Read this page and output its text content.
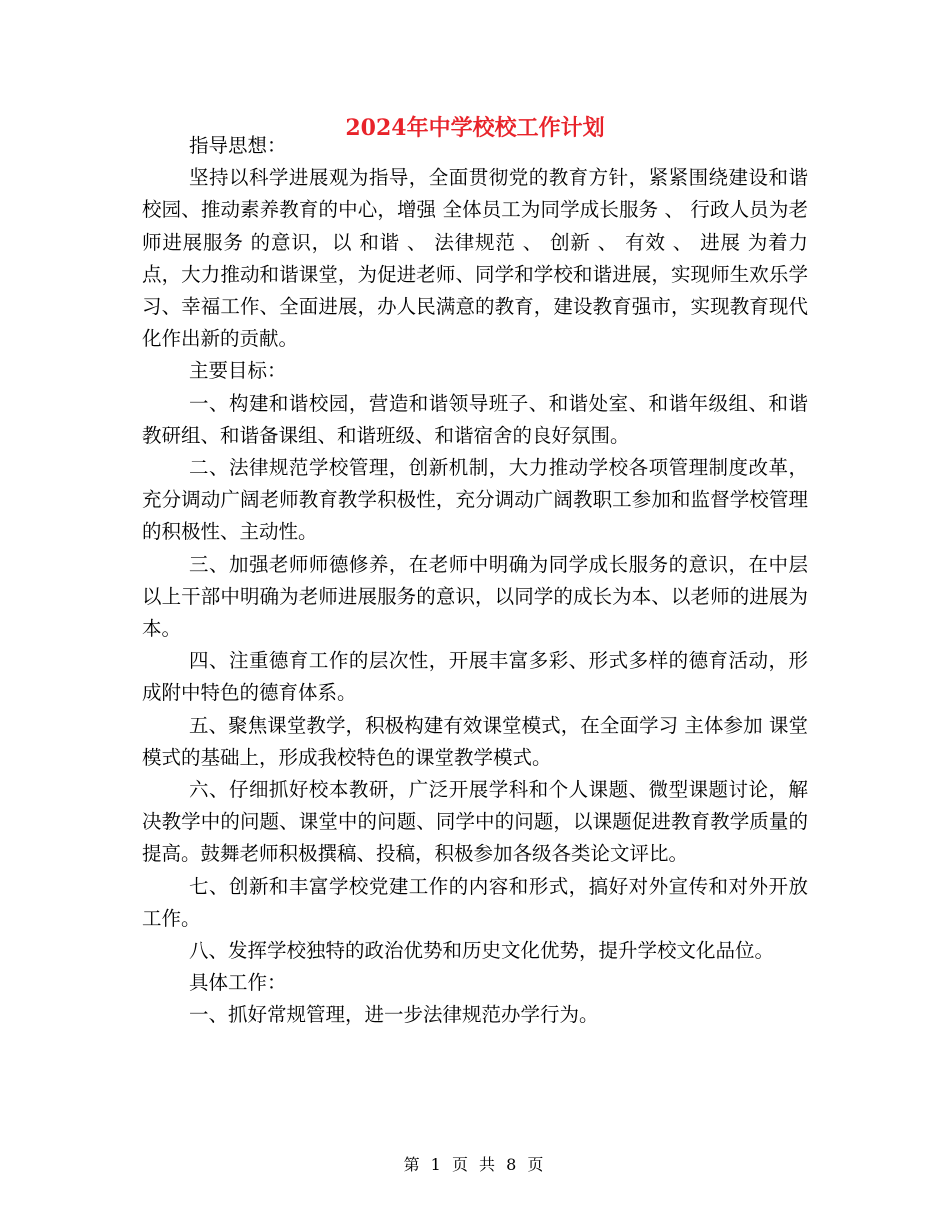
2024年中学校校工作计划

指导思想：

坚持以科学进展观为指导，全面贯彻党的教育方针，紧紧围绕建设和谐校园、推动素养教育的中心，增强 全体员工为同学成长服务 、 行政人员为老师进展服务 的意识，以 和谐 、 法律规范 、 创新 、 有效 、 进展 为着力点，大力推动和谐课堂，为促进老师、同学和学校和谐进展，实现师生欢乐学习、幸福工作、全面进展，办人民满意的教育，建设教育强市，实现教育现代化作出新的贡献。

主要目标：

一、构建和谐校园，营造和谐领导班子、和谐处室、和谐年级组、和谐教研组、和谐备课组、和谐班级、和谐宿舍的良好氛围。

二、法律规范学校管理，创新机制，大力推动学校各项管理制度改革，充分调动广阔老师教育教学积极性，充分调动广阔教职工参加和监督学校管理的积极性、主动性。

三、加强老师师德修养，在老师中明确为同学成长服务的意识，在中层以上干部中明确为老师进展服务的意识，以同学的成长为本、以老师的进展为本。

四、注重德育工作的层次性，开展丰富多彩、形式多样的德育活动，形成附中特色的德育体系。

五、聚焦课堂教学，积极构建有效课堂模式，在全面学习 主体参加 课堂模式的基础上，形成我校特色的课堂教学模式。

六、仔细抓好校本教研，广泛开展学科和个人课题、微型课题讨论，解决教学中的问题、课堂中的问题、同学中的问题，以课题促进教育教学质量的提高。鼓舞老师积极撰稿、投稿，积极参加各级各类论文评比。

七、创新和丰富学校党建工作的内容和形式，搞好对外宣传和对外开放工作。

八、发挥学校独特的政治优势和历史文化优势，提升学校文化品位。

具体工作：

一、抓好常规管理，进一步法律规范办学行为。

第 1 页 共 8 页
